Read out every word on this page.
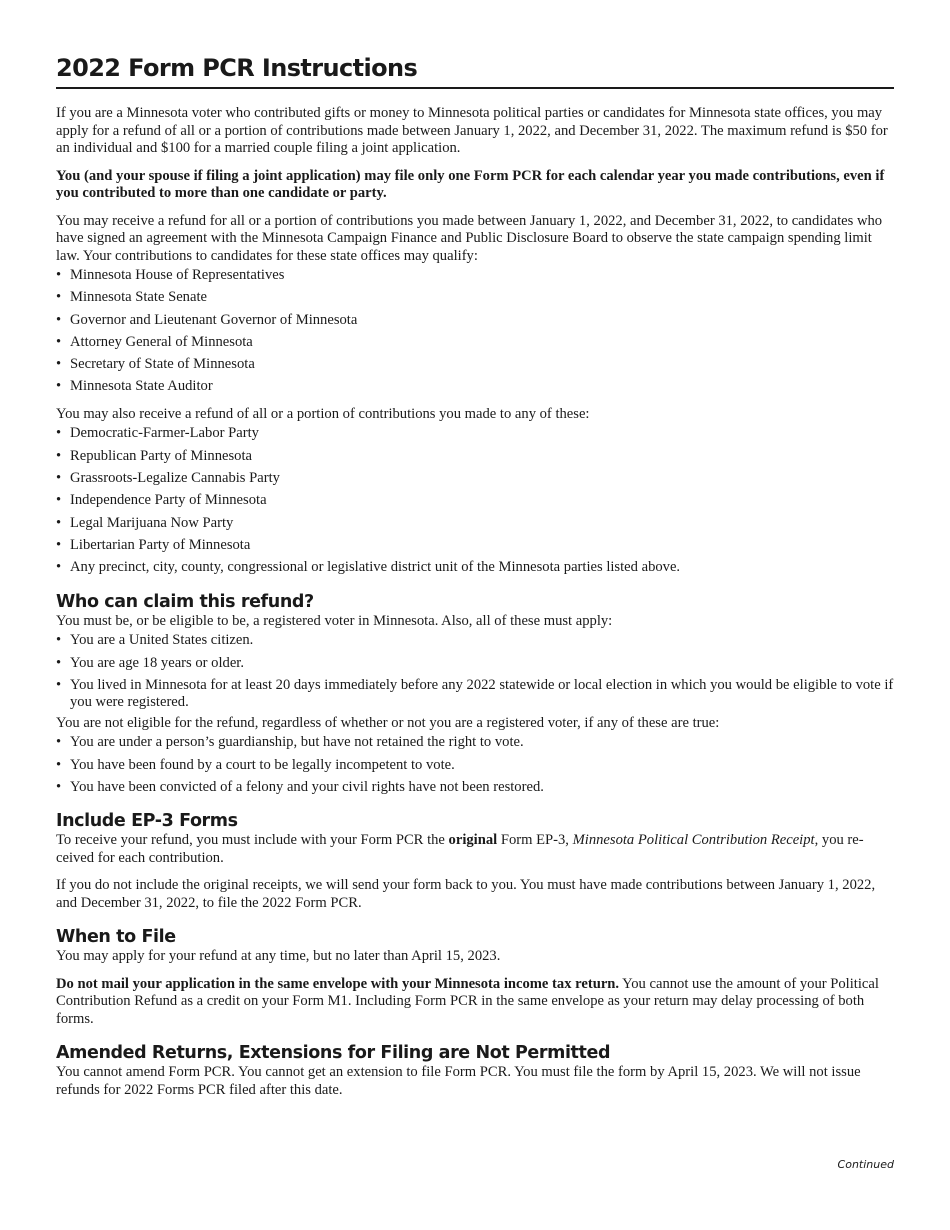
2022 Form PCR Instructions

If you are a Minnesota voter who contributed gifts or money to Minnesota political parties or candidates for Minnesota state offices, you may apply for a refund of all or a portion of contributions made between January 1, 2022, and December 31, 2022. The maximum refund is $50 for an individual and $100 for a married couple filing a joint application.

You (and your spouse if filing a joint application) may file only one Form PCR for each calendar year you made contributions, even if you contributed to more than one candidate or party.

You may receive a refund for all or a portion of contributions you made between January 1, 2022, and December 31, 2022, to candidates who have signed an agreement with the Minnesota Campaign Finance and Public Disclosure Board to observe the state campaign spending limit law. Your contributions to candidates for these state offices may qualify:

• Minnesota House of Representatives
• Minnesota State Senate
• Governor and Lieutenant Governor of Minnesota
• Attorney General of Minnesota
• Secretary of State of Minnesota
• Minnesota State Auditor

You may also receive a refund of all or a portion of contributions you made to any of these:

• Democratic-Farmer-Labor Party
• Republican Party of Minnesota
• Grassroots-Legalize Cannabis Party
• Independence Party of Minnesota
• Legal Marijuana Now Party
• Libertarian Party of Minnesota
• Any precinct, city, county, congressional or legislative district unit of the Minnesota parties listed above.
Who can claim this refund?

You must be, or be eligible to be, a registered voter in Minnesota. Also, all of these must apply:

• You are a United States citizen.
• You are age 18 years or older.
• You lived in Minnesota for at least 20 days immediately before any 2022 statewide or local election in which you would be eligible to vote if you were registered.

You are not eligible for the refund, regardless of whether or not you are a registered voter, if any of these are true:

• You are under a person’s guardianship, but have not retained the right to vote.
• You have been found by a court to be legally incompetent to vote.
• You have been convicted of a felony and your civil rights have not been restored.
Include EP-3 Forms

To receive your refund, you must include with your Form PCR the original Form EP-3, Minnesota Political Contribution Receipt, you re-ceived for each contribution.

If you do not include the original receipts, we will send your form back to you. You must have made contributions between January 1, 2022, and December 31, 2022, to file the 2022 Form PCR.

When to File

You may apply for your refund at any time, but no later than April 15, 2023.

Do not mail your application in the same envelope with your Minnesota income tax return. You cannot use the amount of your Political Contribution Refund as a credit on your Form M1. Including Form PCR in the same envelope as your return may delay processing of both forms.

Amended Returns, Extensions for Filing are Not Permitted

You cannot amend Form PCR. You cannot get an extension to file Form PCR. You must file the form by April 15, 2023. We will not issue refunds for 2022 Forms PCR filed after this date.

Continued
